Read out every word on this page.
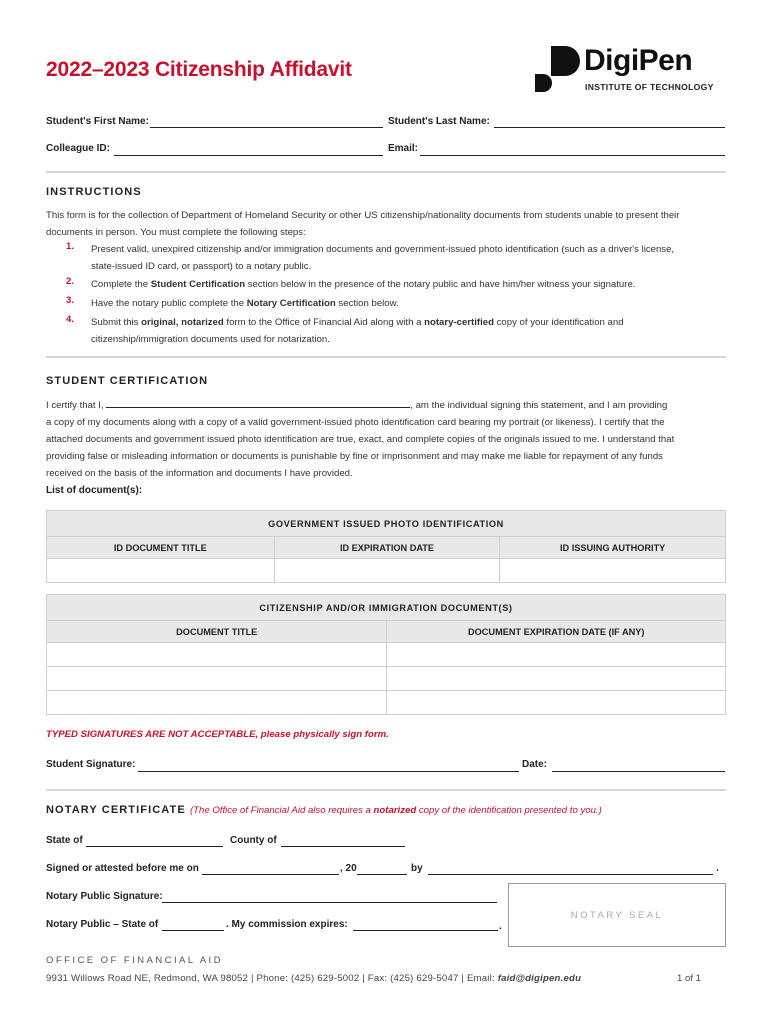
2022–2023 Citizenship Affidavit	DigiPen
INSTITUTE OF TECHNOLOGY
Student's First Name:	Student's Last Name:
Colleague ID:	Email:
INSTRUCTIONS
This form is for the collection of Department of Homeland Security or other US citizenship/nationality documents from students unable to present their
documents in person. You must complete the following steps:
1. Present valid, unexpired citizenship and/or immigration documents and government-issued photo identification (such as a driver's license,
state-issued ID card, or passport) to a notary public.
2. Complete the Student Certification section below in the presence of the notary public and have him/her witness your signature.
3. Have the notary public complete the Notary Certification section below.
4. Submit this original, notarized form to the Office of Financial Aid along with a notary-certified copy of your identification and
citizenship/immigration documents used for notarization.
STUDENT CERTIFICATION
I certify that I,	, am the individual signing this statement, and I am providing
a copy of my documents along with a copy of a valid government-issued photo identification card bearing my portrait (or likeness). I certify that the
attached documents and government issued photo identification are true, exact, and complete copies of the originals issued to me. I understand that
providing false or misleading information or documents is punishable by fine or imprisonment and may make me liable for repayment of any funds
received on the basis of the information and documents I have provided.
List of document(s):
GOVERNMENT ISSUED PHOTO IDENTIFICATION		
ID DOCUMENT TITLE	ID EXPIRATION DATE	ID ISSUING AUTHORITY

CITIZENSHIP AND/OR IMMIGRATION DOCUMENT(S)	
DOCUMENT TITLE	DOCUMENT EXPIRATION DATE (IF ANY)

TYPED SIGNATURES ARE NOT ACCEPTABLE, please physically sign form.
Student Signature:	Date:
NOTARY CERTIFICATE (The Office of Financial Aid also requires a notarized copy of the identification presented to you.)
State of	County of
Signed or attested before me on	, 20	by	.
Notary Public Signature:
Notary Public – State of	. My commission expires:	.
NOTARY SEAL
OFFICE OF FINANCIAL AID
9931 Willows Road NE, Redmond, WA 98052 | Phone: (425) 629-5002 | Fax: (425) 629-5047 | Email: faid@digipen.edu	1 of 1
